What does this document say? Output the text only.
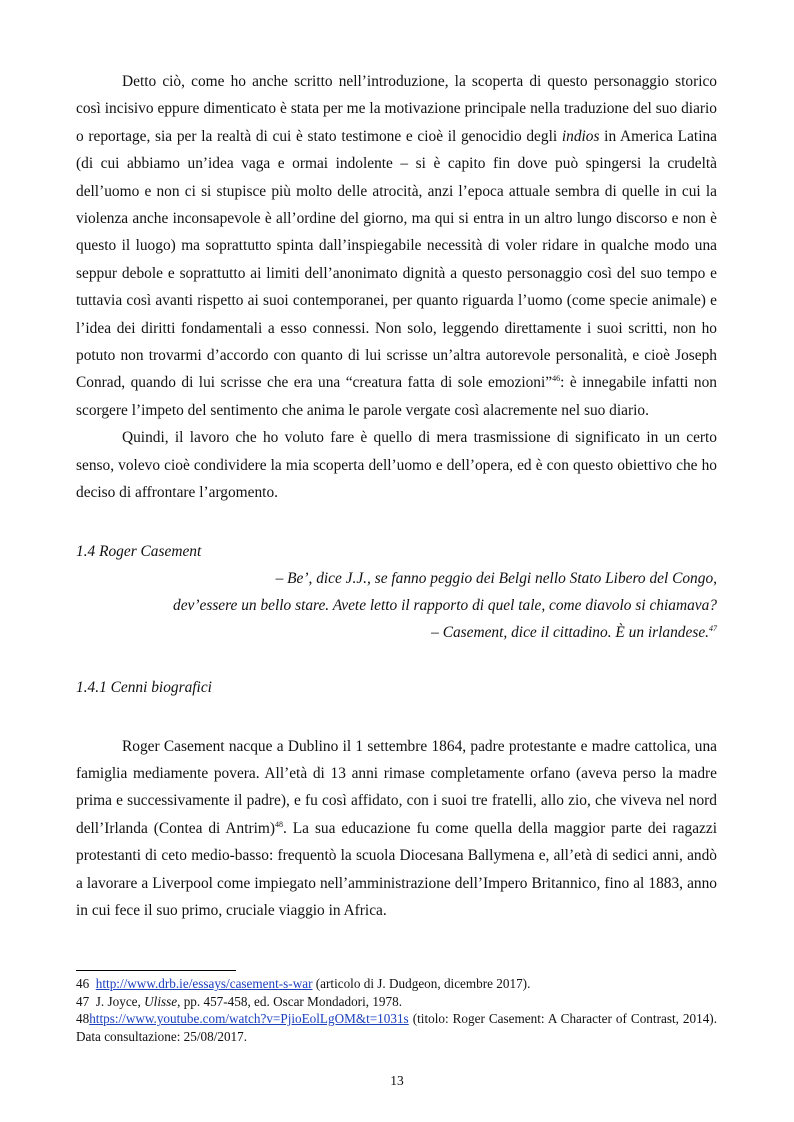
Detto ciò, come ho anche scritto nell’introduzione, la scoperta di questo personaggio storico così incisivo eppure dimenticato è stata per me la motivazione principale nella traduzione del suo diario o reportage, sia per la realtà di cui è stato testimone e cioè il genocidio degli indios in America Latina (di cui abbiamo un’idea vaga e ormai indolente – si è capito fin dove può spingersi la crudeltà dell’uomo e non ci si stupisce più molto delle atrocità, anzi l’epoca attuale sembra di quelle in cui la violenza anche inconsapevole è all’ordine del giorno, ma qui si entra in un altro lungo discorso e non è questo il luogo) ma soprattutto spinta dall’inspiegabile necessità di voler ridare in qualche modo una seppur debole e soprattutto ai limiti dell’anonimato dignità a questo personaggio così del suo tempo e tuttavia così avanti rispetto ai suoi contemporanei, per quanto riguarda l’uomo (come specie animale) e l’idea dei diritti fondamentali a esso connessi. Non solo, leggendo direttamente i suoi scritti, non ho potuto non trovarmi d’accordo con quanto di lui scrisse un’altra autorevole personalità, e cioè Joseph Conrad, quando di lui scrisse che era una “creatura fatta di sole emozioni”$^{46}$: è innegabile infatti non scorgere l’impeto del sentimento che anima le parole vergate così alacremente nel suo diario.

Quindi, il lavoro che ho voluto fare è quello di mera trasmissione di significato in un certo senso, volevo cioè condividere la mia scoperta dell’uomo e dell’opera, ed è con questo obiettivo che ho deciso di affrontare l’argomento.

1.4 Roger Casement

– Be’, dice J.J., se fanno peggio dei Belgi nello Stato Libero del Congo,

dev’essere un bello stare. Avete letto il rapporto di quel tale, come diavolo si chiamava?

– Casement, dice il cittadino. È un irlandese.$^{47}$

1.4.1 Cenni biografici

Roger Casement nacque a Dublino il 1 settembre 1864, padre protestante e madre cattolica, una famiglia mediamente povera. All’età di 13 anni rimase completamente orfano (aveva perso la madre prima e successivamente il padre), e fu così affidato, con i suoi tre fratelli, allo zio, che viveva nel nord dell’Irlanda (Contea di Antrim)$^{48}$. La sua educazione fu come quella della maggior parte dei ragazzi protestanti di ceto medio-basso: frequentò la scuola Diocesana Ballymena e, all’età di sedici anni, andò a lavorare a Liverpool come impiegato nell’amministrazione dell’Impero Britannico, fino al 1883, anno in cui fece il suo primo, cruciale viaggio in Africa.

46 http://www.drb.ie/essays/casement-s-war (articolo di J. Dudgeon, dicembre 2017).

47  J. Joyce, Ulisse, pp. 457-458, ed. Oscar Mondadori, 1978.

48https://www.youtube.com/watch?v=PjioEolLgOM&t=1031s (titolo: Roger Casement: A Character of Contrast, 2014). Data consultazione: 25/08/2017.

13
